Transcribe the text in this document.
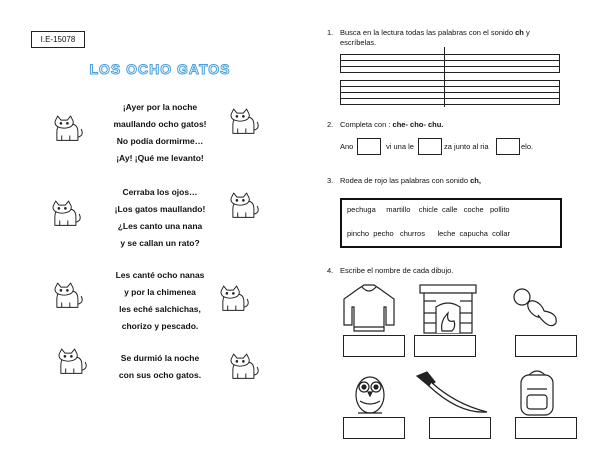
I.E-15078
LOS OCHO GATOS
¡Ayer por la noche
maullando ocho gatos!
No podía dormirme…
¡Ay! ¡Qué me levanto!
Cerraba los ojos…
¡Los gatos maullando!
¿Les canto una nana
y se callan un rato?
Les canté ocho nanas
y por la chimenea
les eché salchichas,
chorizo y pescado.
Se durmió la noche
con sus ocho gatos.
1. Busca en la lectura todas las palabras con el sonido ch y escríbelas.
2. Completa con : che- cho- chu.
Ano	vi una le	za junto al ria	elo.
3. Rodea de rojo las palabras con sonido ch,
pechuga     martillo    chicle  calle   coche   pollito
pincho  pecho   churros      leche  capucha  collar
4. Escribe el nombre de cada dibujo.
